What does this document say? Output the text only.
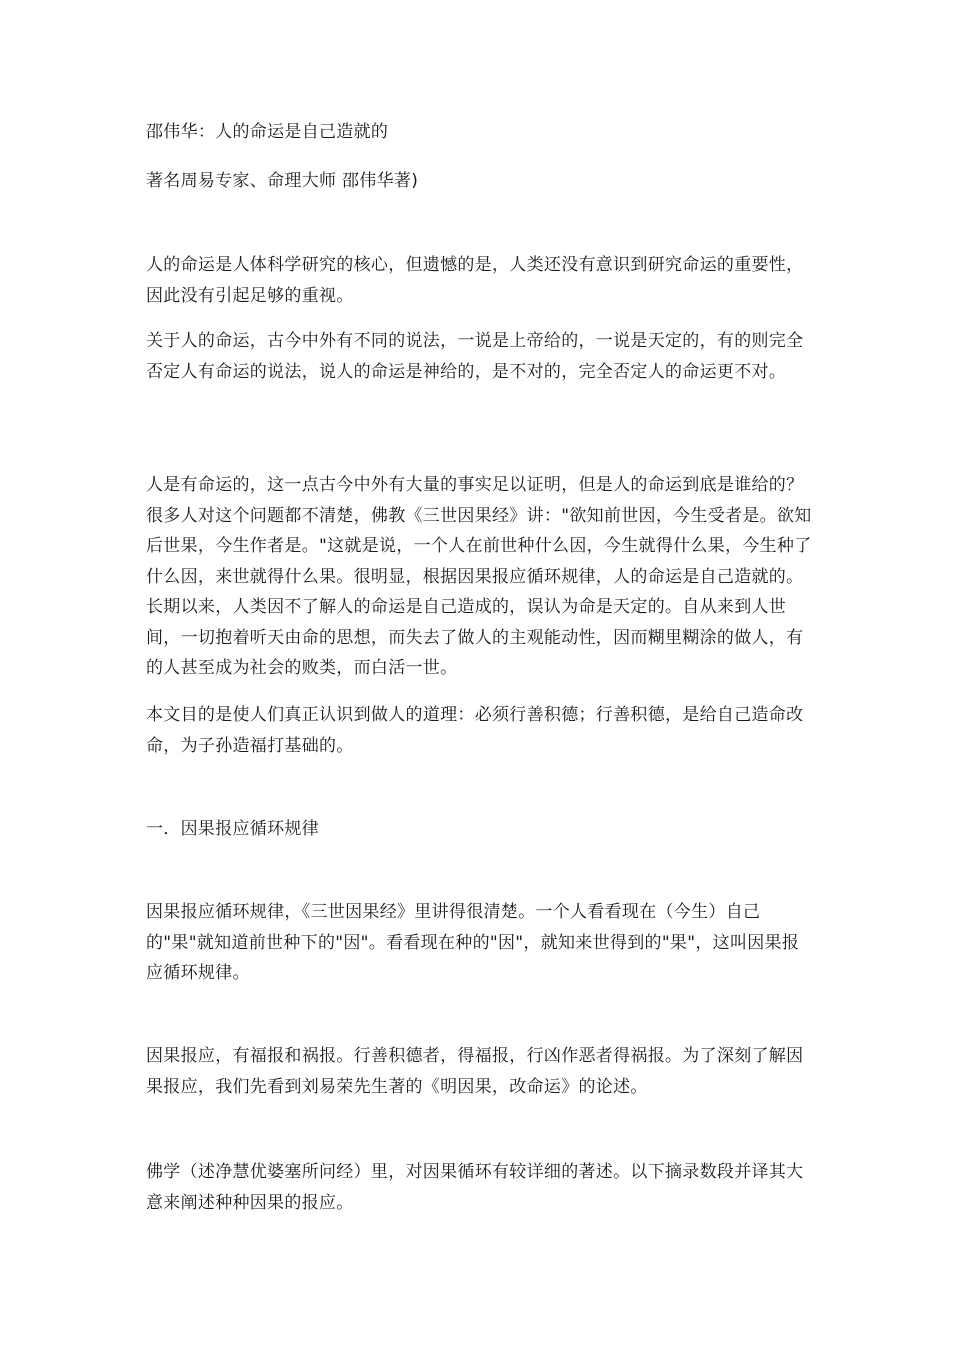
邵伟华：人的命运是自己造就的

著名周易专家、命理大师 邵伟华著)

人的命运是人体科学研究的核心，但遗憾的是，人类还没有意识到研究命运的重要性，因此没有引起足够的重视。

关于人的命运，古今中外有不同的说法，一说是上帝给的，一说是天定的，有的则完全否定人有命运的说法，说人的命运是神给的，是不对的，完全否定人的命运更不对。

人是有命运的，这一点古今中外有大量的事实足以证明，但是人的命运到底是谁给的？很多人对这个问题都不清楚，佛教《三世因果经》讲："欲知前世因，今生受者是。欲知后世果，今生作者是。"这就是说，一个人在前世种什么因，今生就得什么果，今生种了什么因，来世就得什么果。很明显，根据因果报应循环规律，人的命运是自己造就的。长期以来，人类因不了解人的命运是自己造成的，误认为命是天定的。自从来到人世间，一切抱着听天由命的思想，而失去了做人的主观能动性，因而糊里糊涂的做人，有的人甚至成为社会的败类，而白活一世。

本文目的是使人们真正认识到做人的道理：必须行善积德；行善积德，是给自己造命改命，为子孙造福打基础的。

一．因果报应循环规律

因果报应循环规律，《三世因果经》里讲得很清楚。一个人看看现在（今生）自己的"果"就知道前世种下的"因"。看看现在种的"因"，就知来世得到的"果"，这叫因果报应循环规律。

因果报应，有福报和祸报。行善积德者，得福报，行凶作恶者得祸报。为了深刻了解因果报应，我们先看到刘易荣先生著的《明因果，改命运》的论述。

佛学（述净慧优婆塞所问经）里，对因果循环有较详细的著述。以下摘录数段并译其大意来阐述种种因果的报应。
